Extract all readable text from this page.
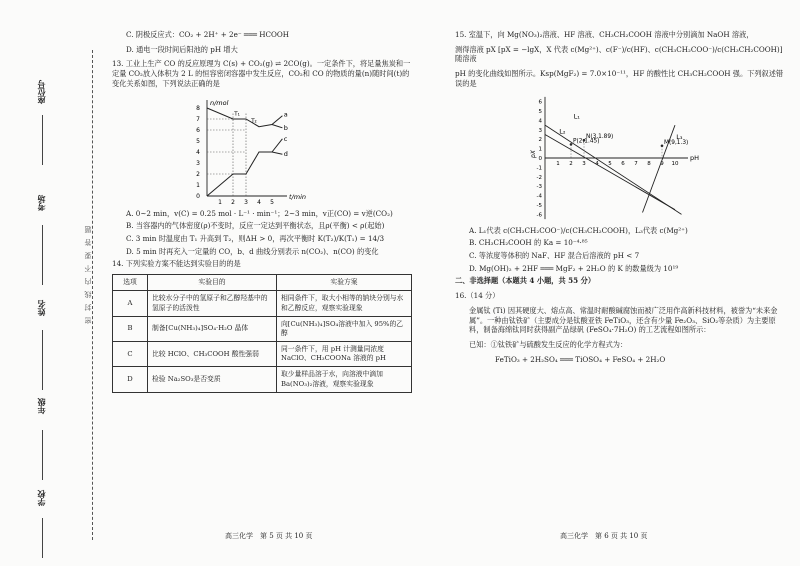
座位号
考场
姓名
年级
学校
密封线内不要答题

C. 阴极反应式：CO₂ + 2H⁺ + 2e⁻ ═══ HCOOH

D. 通电一段时间后阳池的 pH 增大

13. 工业上生产 CO 的反应原理为 C(s) + CO₂(g) ⇌ 2CO(g)。一定条件下，将足量焦炭和一定量 CO₂放入体积为 2 L 的恒容密闭容器中发生反应，CO₂和 CO 的物质的量(n)随时间(t)的变化关系如图，下列说法正确的是

n/mol
t/min
8
7
6
5
4
3
2
1
0
1 2 3 4 5
a
b
c
d
T₁
T₂

A. 0~2 min，v(C) = 0.25 mol · L⁻¹ · min⁻¹；2~3 min，v正(CO) = v逆(CO₂)

B. 当容器内的气体密度(ρ)不变时，反应一定达到平衡状态，且ρ(平衡) < ρ(起始)

C. 3 min 时温度由 T₁ 升高到 T₂，则ΔH > 0，再次平衡时 K(T₂)/K(T₁) = 14/3

D. 5 min 时再充入一定量的 CO，b、d 曲线分别表示 n(CO₂)、n(CO) 的变化

14. 下列实验方案不能达到实验目的的是

选项	实验目的	实验方案
A	比较水分子中的氢原子和乙醇羟基中的氢原子的活泼性	相同条件下，取大小相等的钠块分别与水和乙醇反应，观察实验现象
B	制备[Cu(NH₃)₄]SO₄·H₂O 晶体	向[Cu(NH₃)₄]SO₄溶液中加入 95%的乙醇
C	比较 HClO、CH₃COOH 酸性强弱	同一条件下，用 pH 计测量同浓度 NaClO、CH₃COONa 溶液的 pH
D	检验 Na₂SO₃是否变质	取少量样品溶于水，向溶液中滴加 Ba(NO₃)₂溶液，观察实验现象
高三化学　第 5 页 共 10 页

15. 室温下，向 Mg(NO₃)₂溶液、HF 溶液、CH₃CH₂COOH 溶液中分别滴加 NaOH 溶液，

测得溶液 pX [pX = −lgX，X 代表 c(Mg²⁺)、c(F⁻)/c(HF)、c(CH₃CH₂COO⁻)/c(CH₃CH₂COOH)] 随溶液

pH 的变化曲线如图所示。Ksp(MgF₂) = 7.0×10⁻¹¹，HF 的酸性比 CH₃CH₂COOH 强。下列叙述错误的是

pX	pH
6
5
4
3
2
1
0
-1
-2
-3
-4
-5
-6
1 2 3 4 5 6 7 8 9 10
L₁
L₂
L₃
N(3,1.89)
P(2,1.45)	M(9,1.3)

A. L₁代表 c(CH₃CH₂COO⁻)/c(CH₃CH₂COOH)，L₃代表 c(Mg²⁺)

B. CH₃CH₂COOH 的 Ka = 10⁻⁴·⁸⁵

C. 等浓度等体积的 NaF、HF 混合后溶液的 pH < 7

D. Mg(OH)₂ + 2HF ═══ MgF₂ + 2H₂O 的 K 的数量级为 10¹⁹

二、非选择题（本题共 4 小题，共 55 分）

16.（14 分）

金属钛 (Ti) 因其硬度大、熔点高、常温时耐酸碱腐蚀而被广泛用作高新科技材料，被誉为“未来金属”。一种由钛铁矿（主要成分是钛酸亚铁 FeTiO₃，还含有少量 Fe₂O₃、SiO₂等杂质）为主要原料，制备海绵钛同时获得副产品绿矾 (FeSO₄·7H₂O) 的工艺流程如图所示：

已知：①钛铁矿与硫酸发生反应的化学方程式为：

FeTiO₃ + 2H₂SO₄ ═══ TiOSO₄ + FeSO₄ + 2H₂O

高三化学　第 6 页 共 10 页
